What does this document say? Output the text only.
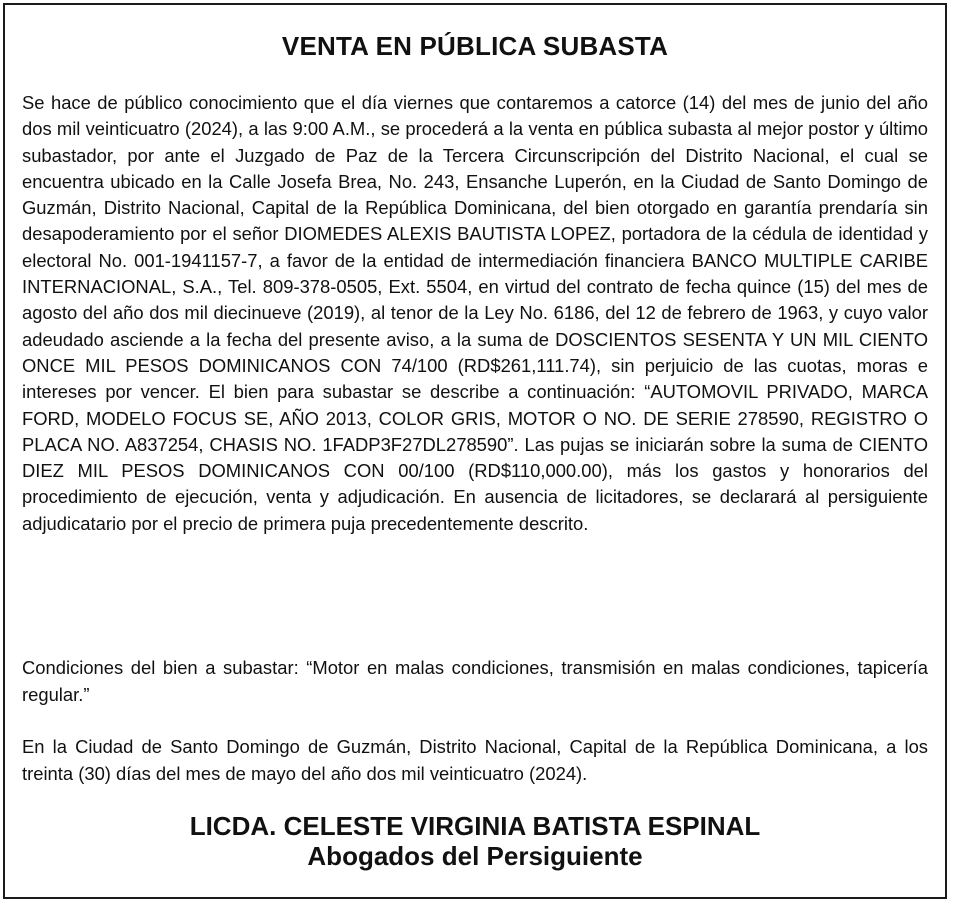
VENTA EN PÚBLICA SUBASTA
Se hace de público conocimiento que el día viernes que contaremos a catorce (14) del mes de junio del año dos mil veinticuatro (2024), a las 9:00 A.M., se procederá a la venta en pública subasta al mejor postor y último subastador, por ante el Juzgado de Paz de la Tercera Circunscripción del Distrito Nacional, el cual se encuentra ubicado en la Calle Josefa Brea, No. 243, Ensanche Luperón, en la Ciudad de Santo Domingo de Guzmán, Distrito Nacional, Capital de la República Dominicana, del bien otorgado en garantía prendaría sin desapoderamiento por el señor DIOMEDES ALEXIS BAUTISTA LOPEZ, portadora de la cédula de identidad y electoral No. 001-1941157-7, a favor de la entidad de intermediación financiera BANCO MULTIPLE CARIBE INTERNACIONAL, S.A., Tel. 809-378-0505, Ext. 5504, en virtud del contrato de fecha quince (15) del mes de agosto del año dos mil diecinueve (2019), al tenor de la Ley No. 6186, del 12 de febrero de 1963, y cuyo valor adeudado asciende a la fecha del presente aviso, a la suma de DOSCIENTOS SESENTA Y UN MIL CIENTO ONCE MIL PESOS DOMINICANOS CON 74/100 (RD$261,111.74), sin perjuicio de las cuotas, moras e intereses por vencer. El bien para subastar se describe a continuación: “AUTOMOVIL PRIVADO, MARCA FORD, MODELO FOCUS SE, AÑO 2013, COLOR GRIS, MOTOR O NO. DE SERIE 278590, REGISTRO O PLACA NO. A837254, CHASIS NO. 1FADP3F27DL278590”. Las pujas se iniciarán sobre la suma de CIENTO DIEZ MIL PESOS DOMINICANOS CON 00/100 (RD$110,000.00), más los gastos y honorarios del procedimiento de ejecución, venta y adjudicación. En ausencia de licitadores, se declarará al persiguiente adjudicatario por el precio de primera puja precedentemente descrito.
Condiciones del bien a subastar: “Motor en malas condiciones, transmisión en malas condiciones, tapicería regular.”
En la Ciudad de Santo Domingo de Guzmán, Distrito Nacional, Capital de la República Dominicana, a los treinta (30) días del mes de mayo del año dos mil veinticuatro (2024).
LICDA. CELESTE VIRGINIA BATISTA ESPINAL
Abogados del Persiguiente
